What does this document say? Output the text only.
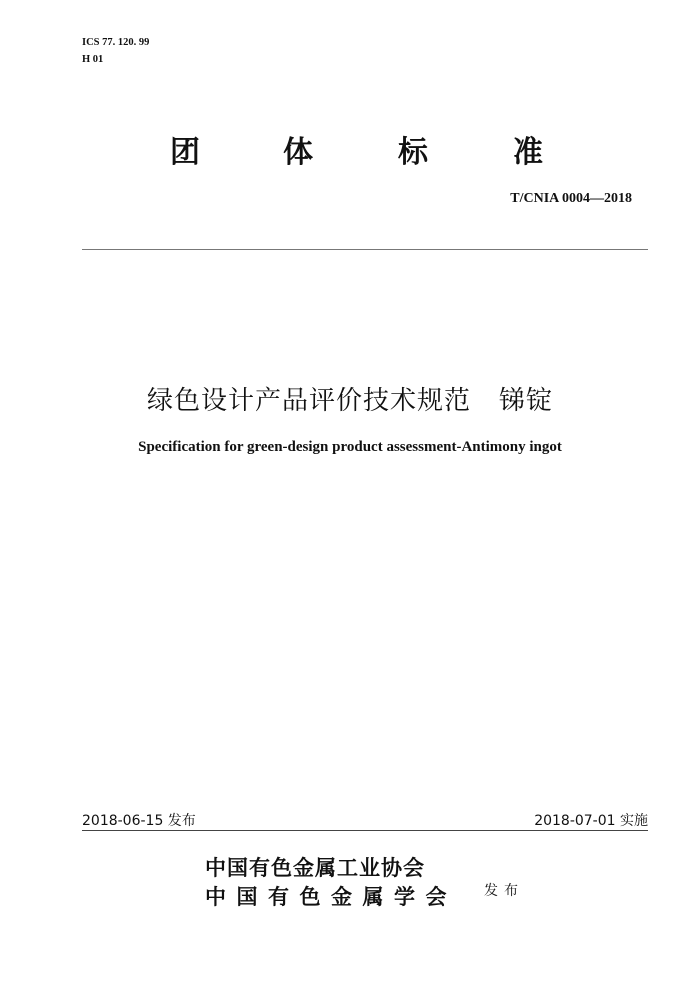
ICS 77. 120. 99
H 01
团	体	标	准
T/CNIA 0004—2018
绿色设计产品评价技术规范 锑锭
Specification for green-design product assessment-Antimony ingot
2018-06-15 发布	2018-07-01 实施
中国有色金属工业协会
中国有色金属学会 发布
